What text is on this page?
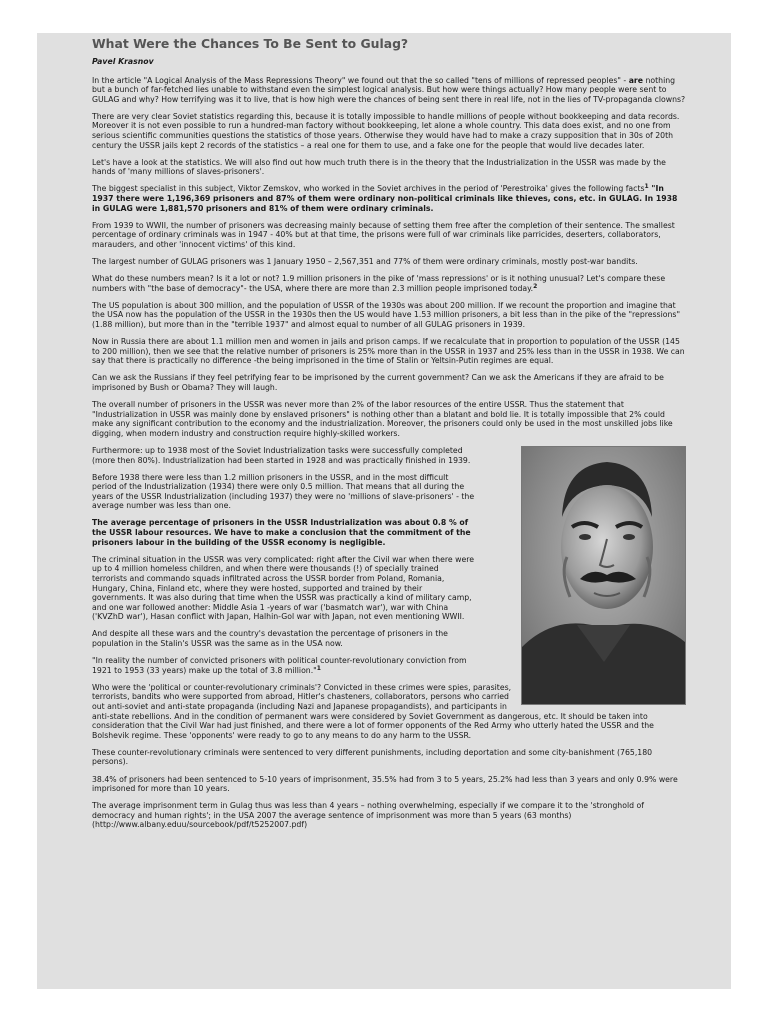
What Were the Chances To Be Sent to Gulag?
Pavel Krasnov

In the article "A Logical Analysis of the Mass Repressions Theory" we found out that the so called "tens of millions of repressed peoples" - are nothing but a bunch of far-fetched lies unable to withstand even the simplest logical analysis. But how were things actually? How many people were sent to GULAG and why? How terrifying was it to live, that is how high were the chances of being sent there in real life, not in the lies of TV-propaganda clowns?

There are very clear Soviet statistics regarding this, because it is totally impossible to handle millions of people without bookkeeping and data records. Moreover it is not even possible to run a hundred-man factory without bookkeeping, let alone a whole country. This data does exist, and no one from serious scientific communities questions the statistics of those years. Otherwise they would have had to make a crazy supposition that in 30s of 20th century the USSR jails kept 2 records of the statistics – a real one for them to use, and a fake one for the people that would live decades later.

Let's have a look at the statistics. We will also find out how much truth there is in the theory that the Industrialization in the USSR was made by the hands of 'many millions of slaves-prisoners'.

The biggest specialist in this subject, Viktor Zemskov, who worked in the Soviet archives in the period of 'Perestroika' gives the following facts$^1$ "In 1937 there were 1,196,369 prisoners and 87% of them were ordinary non-political criminals like thieves, cons, etc. in GULAG. In 1938 in GULAG were 1,881,570 prisoners and 81% of them were ordinary criminals.

From 1939 to WWII, the number of prisoners was decreasing mainly because of setting them free after the completion of their sentence. The smallest percentage of ordinary criminals was in 1947 - 40% but at that time, the prisons were full of war criminals like parricides, deserters, collaborators, marauders, and other 'innocent victims' of this kind.

The largest number of GULAG prisoners was 1 January 1950 – 2,567,351 and 77% of them were ordinary criminals, mostly post-war bandits.

What do these numbers mean? Is it a lot or not? 1.9 million prisoners in the pike of 'mass repressions' or is it nothing unusual? Let's compare these numbers with "the base of democracy"- the USA, where there are more than 2.3 million people imprisoned today.$^2$

The US population is about 300 million, and the population of USSR of the 1930s was about 200 million. If we recount the proportion and imagine that the USA now has the population of the USSR in the 1930s then the US would have 1.53 million prisoners, a bit less than in the pike of the "repressions" (1.88 million), but more than in the "terrible 1937" and almost equal to number of all GULAG prisoners in 1939.

Now in Russia there are about 1.1 million men and women in jails and prison camps. If we recalculate that in proportion to population of the USSR (145 to 200 million), then we see that the relative number of prisoners is 25% more than in the USSR in 1937 and 25% less than in the USSR in 1938. We can say that there is practically no difference -the being imprisoned in the time of Stalin or Yeltsin-Putin regimes are equal.

Can we ask the Russians if they feel petrifying fear to be imprisoned by the current government? Can we ask the Americans if they are afraid to be imprisoned by Bush or Obama? They will laugh.

The overall number of prisoners in the USSR was never more than 2% of the labor resources of the entire USSR. Thus the statement that "Industrialization in USSR was mainly done by enslaved prisoners" is nothing other than a blatant and bold lie. It is totally impossible that 2% could make any significant contribution to the economy and the industrialization. Moreover, the prisoners could only be used in the most unskilled jobs like digging, when modern industry and construction require highly-skilled workers.

Furthermore: up to 1938 most of the Soviet Industrialization tasks were successfully completed (more then 80%). Industrialization had been started in 1928 and was practically finished in 1939.

Before 1938 there were less than 1.2 million prisoners in the USSR, and in the most difficult period of the Industrialization (1934) there were only 0.5 million. That means that all during the years of the USSR Industrialization (including 1937) they were no 'millions of slave-prisoners' - the average number was less than one.

The average percentage of prisoners in the USSR Industrialization was about 0.8 % of the USSR labour resources. We have to make a conclusion that the commitment of the prisoners labour in the building of the USSR economy is negligible.

The criminal situation in the USSR was very complicated: right after the Civil war when there were up to 4 million homeless children, and when there were thousands (!) of specially trained terrorists and commando squads infiltrated across the USSR border from Poland, Romania, Hungary, China, Finland etc, where they were hosted, supported and trained by their governments. It was also during that time when the USSR was practically a kind of military camp, and one war followed another: Middle Asia 1 -years of war ('basmatch war'), war with China ('KVZhD war'), Hasan conflict with Japan, Halhin-Gol war with Japan, not even mentioning WWII.

And despite all these wars and the country's devastation the percentage of prisoners in the population in the Stalin's USSR was the same as in the USA now.

"In reality the number of convicted prisoners with political counter-revolutionary conviction from 1921 to 1953 (33 years) make up the total of 3.8 million."$^1$

Who were the 'political or counter-revolutionary criminals'? Convicted in these crimes were spies, parasites, terrorists, bandits who were supported from abroad, Hitler's chasteners, collaborators, persons who carried out anti-soviet and anti-state propaganda (including Nazi and Japanese propagandists), and participants in anti-state rebellions. And in the condition of permanent wars were considered by Soviet Government as dangerous, etc. It should be taken into consideration that the Civil War had just finished, and there were a lot of former opponents of the Red Army who utterly hated the USSR and the Bolshevik regime. These 'opponents' were ready to go to any means to do any harm to the USSR.

These counter-revolutionary criminals were sentenced to very different punishments, including deportation and some city-banishment (765,180 persons).

38.4% of prisoners had been sentenced to 5-10 years of imprisonment, 35.5% had from 3 to 5 years, 25.2% had less than 3 years and only 0.9% were imprisoned for more than 10 years.

The average imprisonment term in Gulag thus was less than 4 years – nothing overwhelming, especially if we compare it to the 'stronghold of democracy and human rights'; in the USA 2007 the average sentence of imprisonment was more than 5 years (63 months) (http://www.albany.eduu/sourcebook/pdf/t5252007.pdf)
